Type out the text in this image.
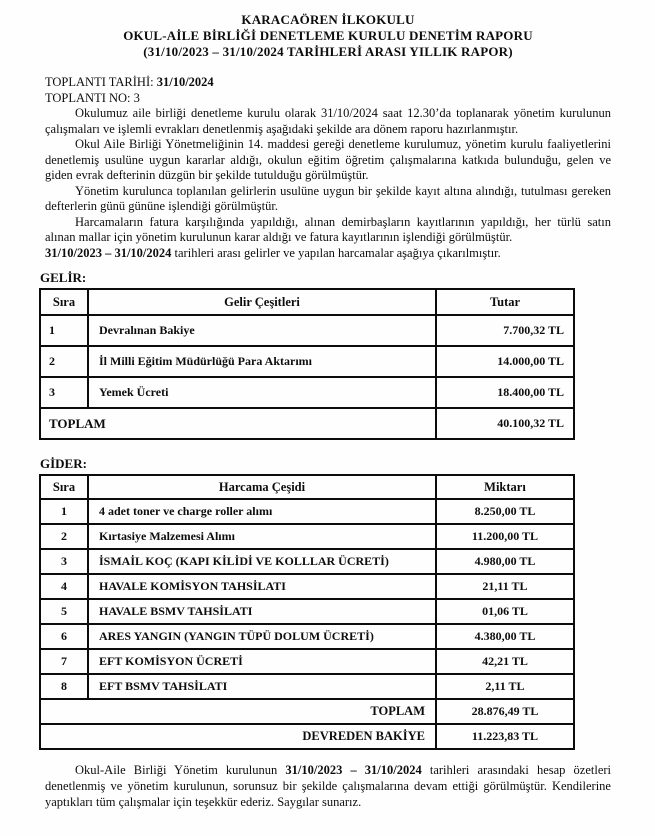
KARACAÖREN İLKOKULU
OKUL-AİLE BİRLİĞİ DENETLEME KURULU DENETİM RAPORU
(31/10/2023 – 31/10/2024 TARİHLERİ ARASI YILLIK RAPOR)
TOPLANTI TARİHİ: 31/10/2024
TOPLANTI NO: 3

Okulumuz aile birliği denetleme kurulu olarak 31/10/2024 saat 12.30’da toplanarak yönetim kurulunun çalışmaları ve işlemli evrakları denetlenmiş aşağıdaki şekilde ara dönem raporu hazırlanmıştır.

Okul Aile Birliği Yönetmeliğinin 14. maddesi gereği denetleme kurulumuz, yönetim kurulu faaliyetlerini denetlemiş usulüne uygun kararlar aldığı, okulun eğitim öğretim çalışmalarına katkıda bulunduğu, gelen ve giden evrak defterinin düzgün bir şekilde tutulduğu görülmüştür.

Yönetim kurulunca toplanılan gelirlerin usulüne uygun bir şekilde kayıt altına alındığı, tutulması gereken defterlerin günü gününe işlendiği görülmüştür.

Harcamaların fatura karşılığında yapıldığı, alınan demirbaşların kayıtlarının yapıldığı, her türlü satın alınan mallar için yönetim kurulunun karar aldığı ve fatura kayıtlarının işlendiği görülmüştür.

31/10/2023 – 31/10/2024 tarihleri arası gelirler ve yapılan harcamalar aşağıya çıkarılmıştır.

GELİR:
Sıra	Gelir Çeşitleri	Tutar
1	Devralınan Bakiye	7.700,32 TL
2	İl Milli Eğitim Müdürlüğü Para Aktarımı	14.000,00 TL
3	Yemek Ücreti	18.400,00 TL
TOPLAM		40.100,32 TL
GİDER:
Sıra	Harcama Çeşidi	Miktarı
1	4 adet toner ve charge roller alımı	8.250,00 TL
2	Kırtasiye Malzemesi Alımı	11.200,00 TL
3	İSMAİL KOÇ (KAPI KİLİDİ VE KOLLLAR ÜCRETİ)	4.980,00 TL
4	HAVALE KOMİSYON TAHSİLATI	21,11 TL
5	HAVALE BSMV TAHSİLATI	01,06 TL
6	ARES YANGIN (YANGIN TÜPÜ DOLUM ÜCRETİ)	4.380,00 TL
7	EFT KOMİSYON ÜCRETİ	42,21 TL
8	EFT BSMV TAHSİLATI	2,11 TL
TOPLAM		28.876,49 TL
DEVREDEN BAKİYE		11.223,83 TL

Okul-Aile Birliği Yönetim kurulunun 31/10/2023 – 31/10/2024 tarihleri arasındaki hesap özetleri denetlenmiş ve yönetim kurulunun, sorunsuz bir şekilde çalışmalarına devam ettiği görülmüştür. Kendilerine yaptıkları tüm çalışmalar için teşekkür ederiz. Saygılar sunarız.
